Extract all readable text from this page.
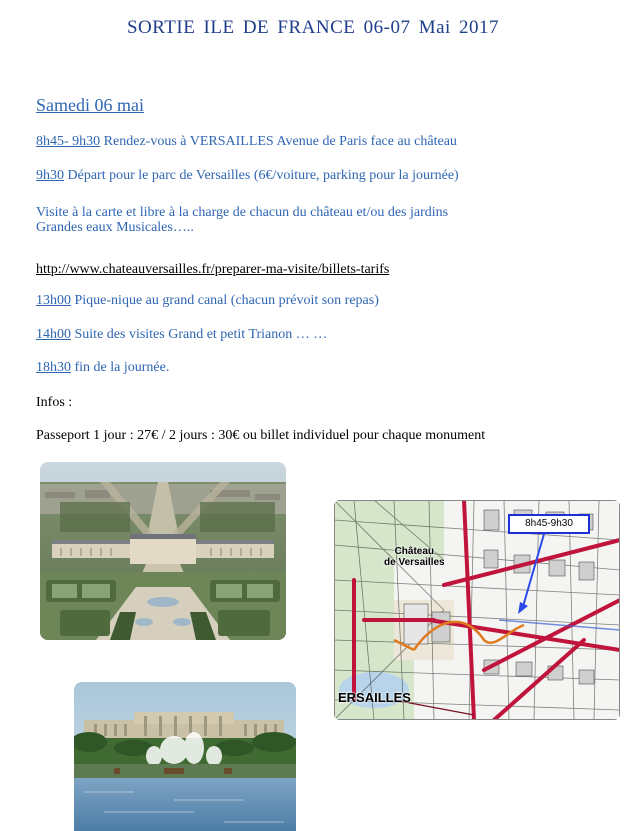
SORTIE ILE DE FRANCE 06-07 Mai 2017
Samedi 06 mai
8h45- 9h30 Rendez-vous à VERSAILLES Avenue de Paris face au château
9h30 Départ pour le parc de Versailles (6€/voiture, parking pour la journée)
Visite à la carte et libre à la charge de chacun du château et/ou des jardins
Grandes eaux Musicales…..
http://www.chateauversailles.fr/preparer-ma-visite/billets-tarifs
13h00 Pique-nique au grand canal (chacun prévoit son repas)
14h00 Suite des visites Grand et petit Trianon … …
18h30 fin de la journée.
Infos :
Passeport 1 jour : 27€ / 2 jours : 30€ ou billet individuel pour chaque monument
8h45-9h30
Château
de Versailles
ERSAILLES
